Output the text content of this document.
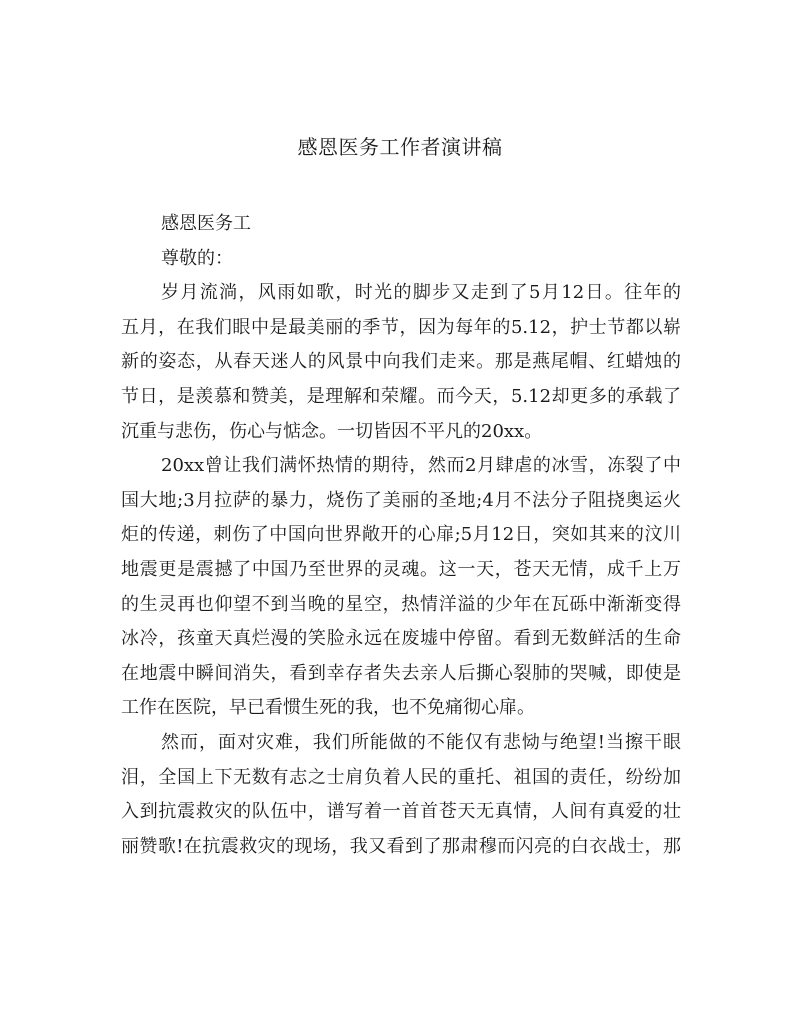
感恩医务工作者演讲稿
感恩医务工
尊敬的：
岁月流淌，风雨如歌，时光的脚步又走到了5月12日。往年的
五月，在我们眼中是最美丽的季节，因为每年的5.12，护士节都以崭
新的姿态，从春天迷人的风景中向我们走来。那是燕尾帽、红蜡烛的
节日，是羡慕和赞美，是理解和荣耀。而今天，5.12却更多的承载了
沉重与悲伤，伤心与惦念。一切皆因不平凡的20xx。
20xx曾让我们满怀热情的期待，然而2月肆虐的冰雪，冻裂了中
国大地;3月拉萨的暴力，烧伤了美丽的圣地;4月不法分子阻挠奥运火
炬的传递，刺伤了中国向世界敞开的心扉;5月12日，突如其来的汶川
地震更是震撼了中国乃至世界的灵魂。这一天，苍天无情，成千上万
的生灵再也仰望不到当晚的星空，热情洋溢的少年在瓦砾中渐渐变得
冰冷，孩童天真烂漫的笑脸永远在废墟中停留。看到无数鲜活的生命
在地震中瞬间消失，看到幸存者失去亲人后撕心裂肺的哭喊，即使是
工作在医院，早已看惯生死的我，也不免痛彻心扉。
然而，面对灾难，我们所能做的不能仅有悲恸与绝望!当擦干眼
泪，全国上下无数有志之士肩负着人民的重托、祖国的责任，纷纷加
入到抗震救灾的队伍中，谱写着一首首苍天无真情，人间有真爱的壮
丽赞歌!在抗震救灾的现场，我又看到了那肃穆而闪亮的白衣战士，那
